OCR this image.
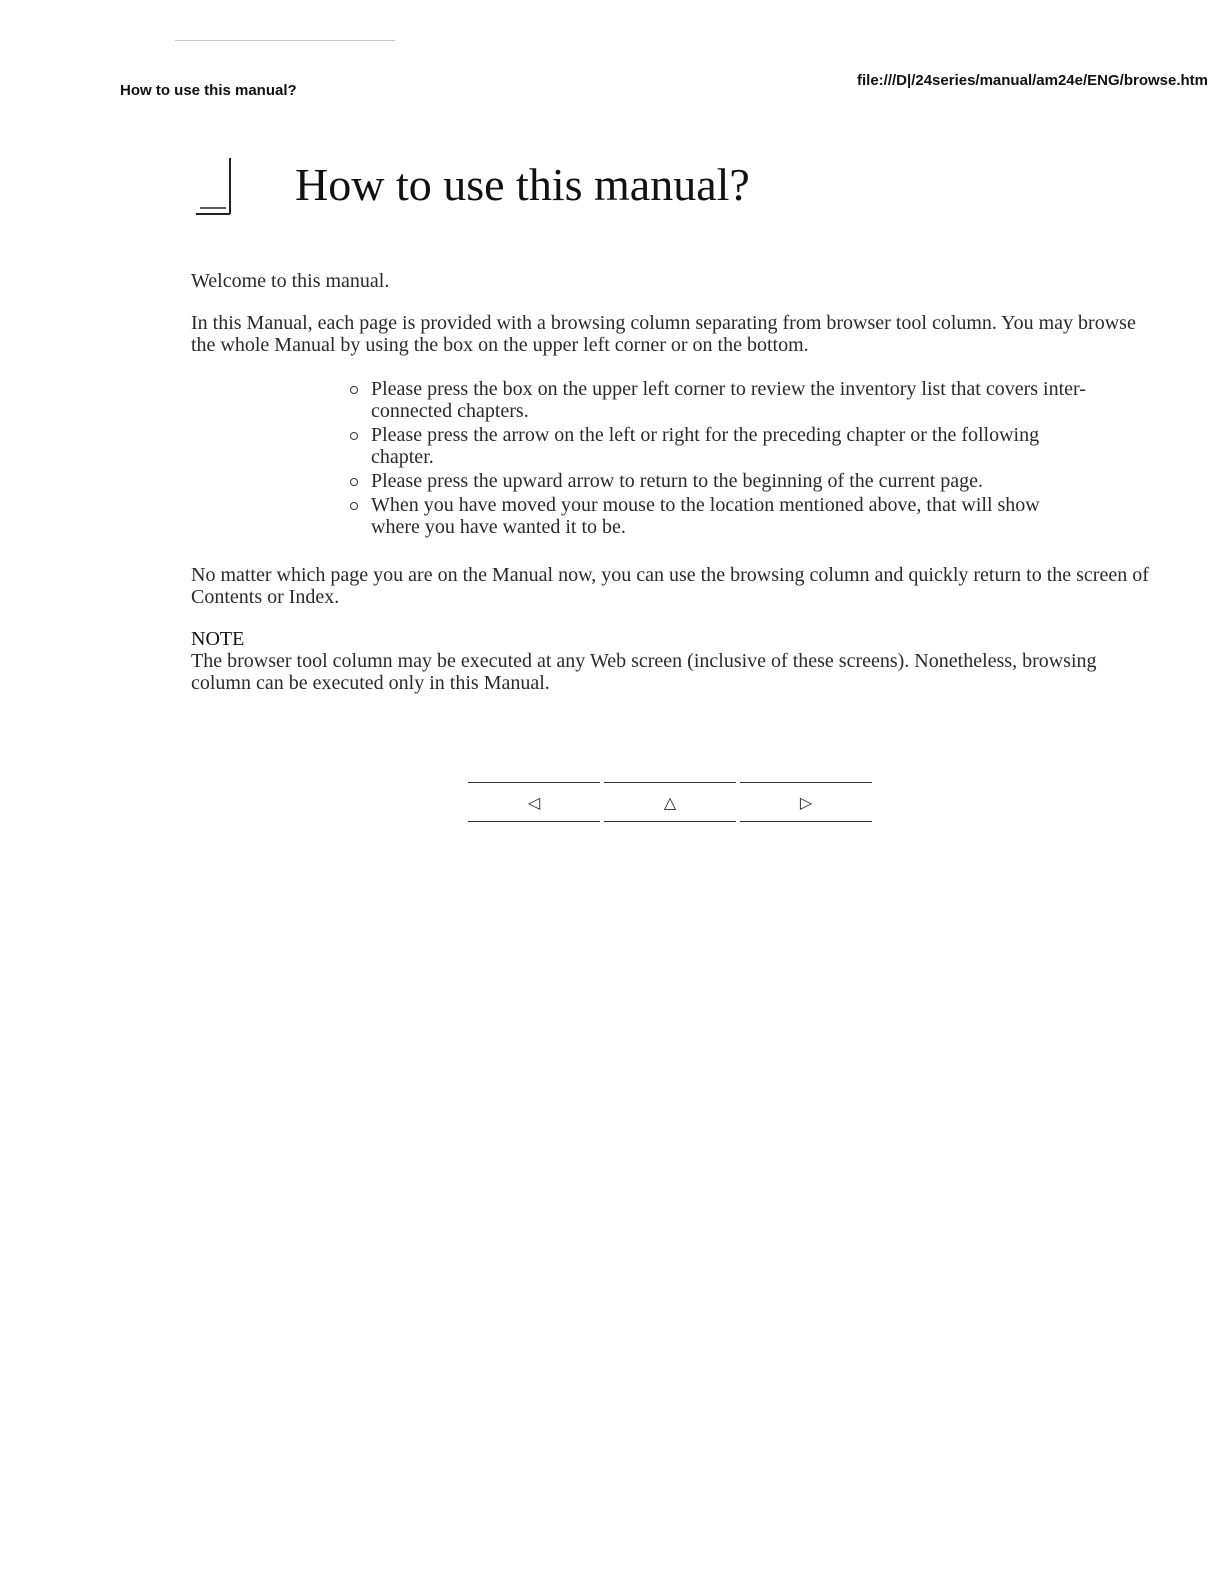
How to use this manual?
file:///D|/24series/manual/am24e/ENG/browse.htm
How to use this manual?

Welcome to this manual.

In this Manual, each page is provided with a browsing column separating from browser tool column. You may browse the whole Manual by using the box on the upper left corner or on the bottom.

Please press the box on the upper left corner to review the inventory list that covers inter-connected chapters.
Please press the arrow on the left or right for the preceding chapter or the following chapter.
Please press the upward arrow to return to the beginning of the current page.
When you have moved your mouse to the location mentioned above, that will show where you have wanted it to be.

No matter which page you are on the Manual now, you can use the browsing column and quickly return to the screen of Contents or Index.

NOTE

The browser tool column may be executed at any Web screen (inclusive of these screens). Nonetheless, browsing column can be executed only in this Manual.

◁	△	▷
